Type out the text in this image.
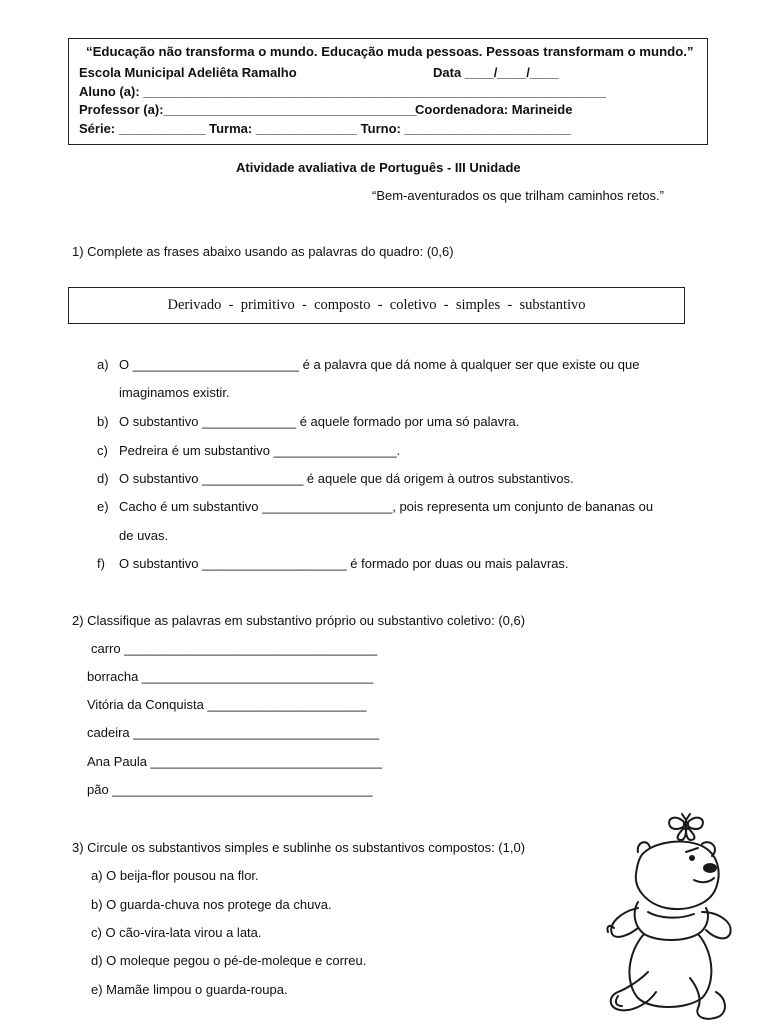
“Educação não transforma o mundo. Educação muda pessoas. Pessoas transformam o mundo.”
Escola Municipal Adeliêta Ramalho	Data ____/____/____
Aluno (a): ________________________________________________________________
Professor (a):___________________________________
Coordenadora: Marineide
Série: ____________ Turma: ______________ Turno: _______________________
Atividade avaliativa de Português - III Unidade
“Bem-aventurados os que trilham caminhos retos.”
1) Complete as frases abaixo usando as palavras do quadro: (0,6)
Derivado  -  primitivo  -  composto  -  coletivo  -  simples  -  substantivo
a) O _______________________ é a palavra que dá nome à qualquer ser que existe ou que
imaginamos existir.
b) O substantivo _____________ é aquele formado por uma só palavra.
c) Pedreira é um substantivo _________________.
d) O substantivo ______________ é aquele que dá origem à outros substantivos.
e) Cacho é um substantivo __________________, pois representa um conjunto de bananas ou
de uvas.
f) O substantivo ____________________ é formado por duas ou mais palavras.
2) Classifique as palavras em substantivo próprio ou substantivo coletivo: (0,6)
carro ___________________________________
borracha ________________________________
Vitória da Conquista ______________________
cadeira __________________________________
Ana Paula ________________________________
pão ____________________________________
3) Circule os substantivos simples e sublinhe os substantivos compostos: (1,0)
a) O beija-flor pousou na flor.
b) O guarda-chuva nos protege da chuva.
c) O cão-vira-lata virou a lata.
d) O moleque pegou o pé-de-moleque e correu.
e) Mamãe limpou o guarda-roupa.
